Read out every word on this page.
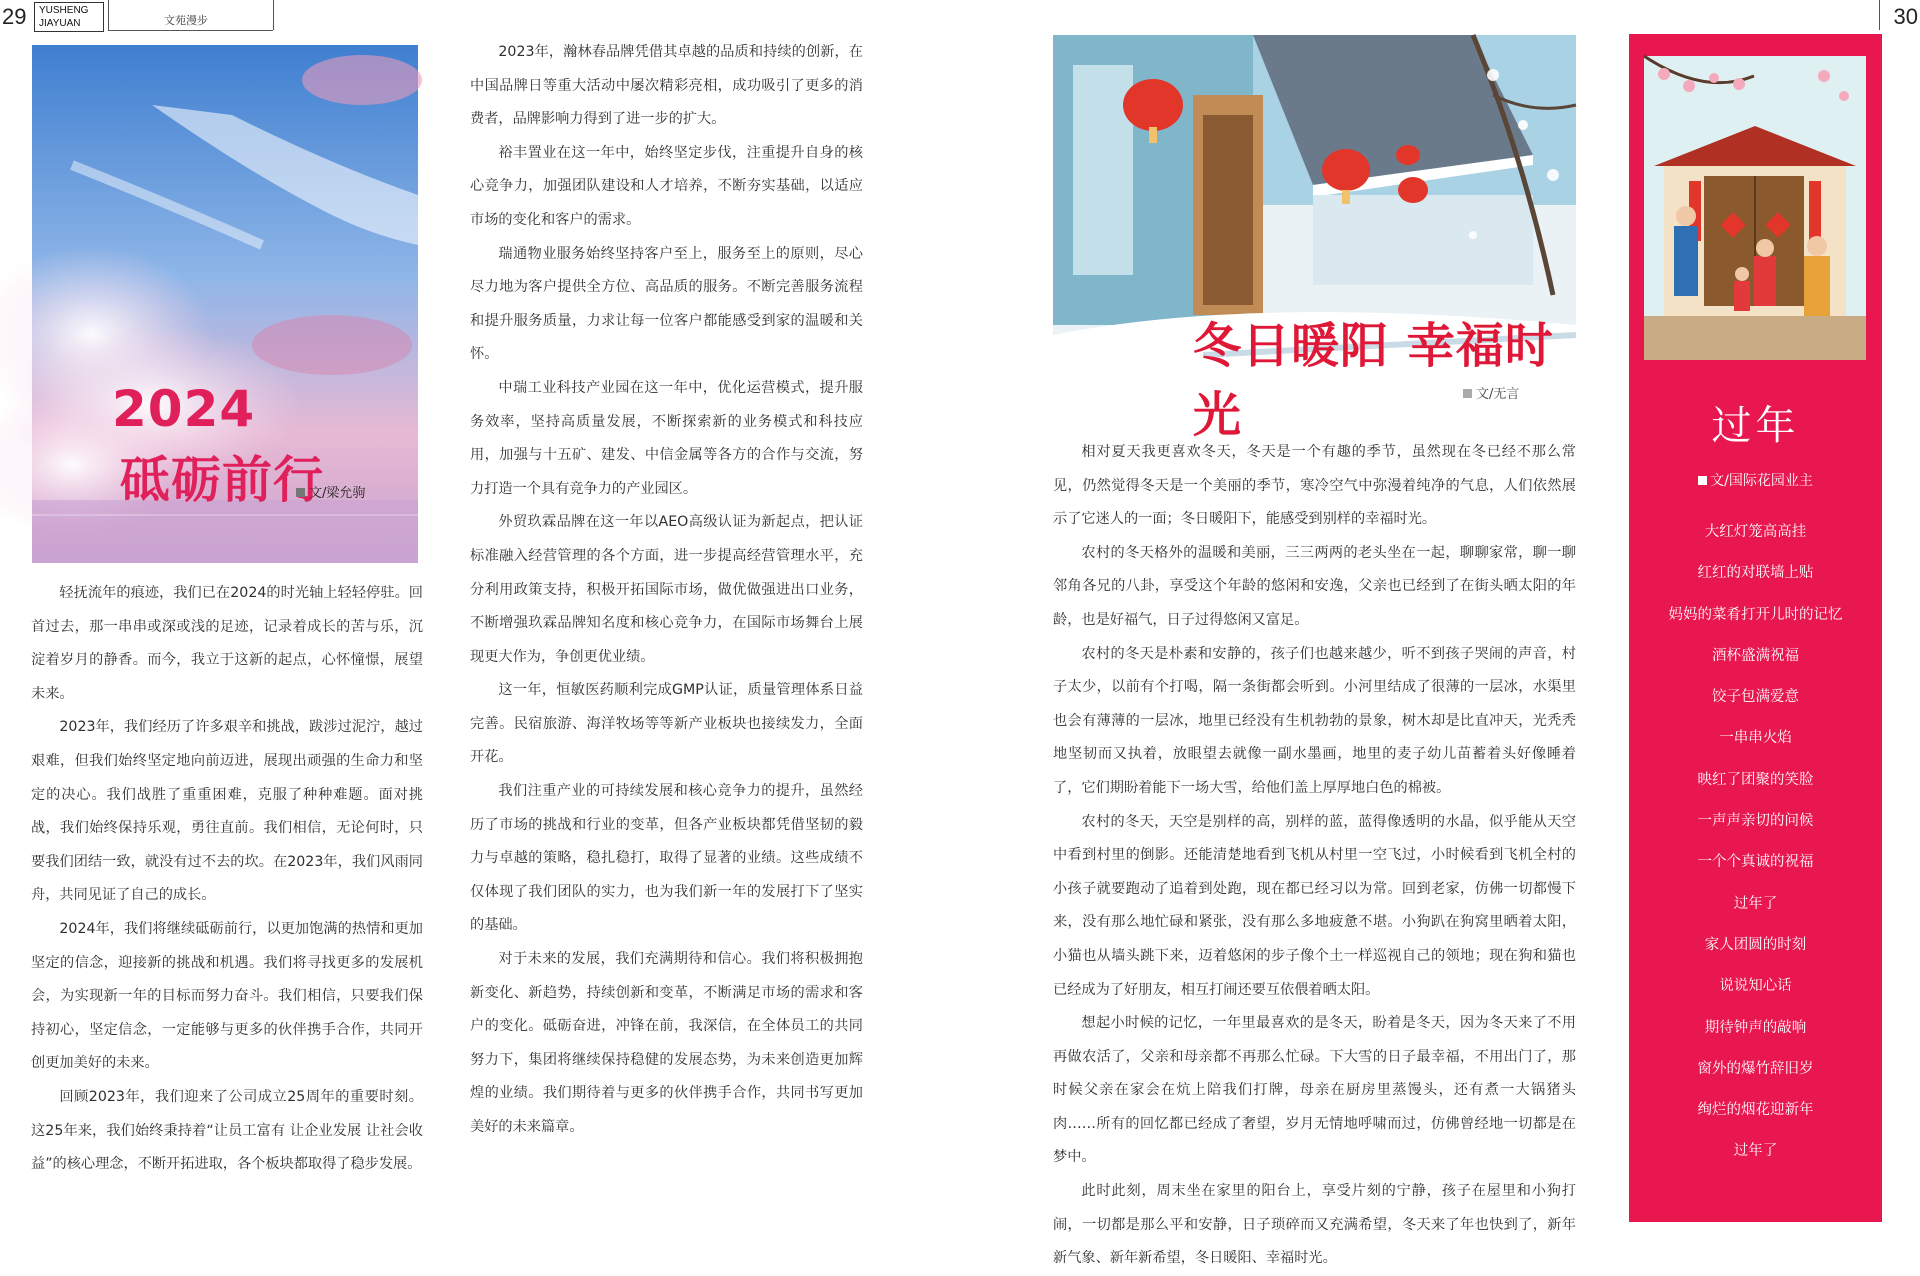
29 YUSHENG
JIAYUAN	文苑漫步	30
2024
砥砺前行
文/梁允驹

轻抚流年的痕迹，我们已在2024的时光轴上轻轻停驻。回首过去，那一串串或深或浅的足迹，记录着成长的苦与乐，沉淀着岁月的静香。而今，我立于这新的起点，心怀憧憬，展望未来。

2023年，我们经历了许多艰辛和挑战，跋涉过泥泞，越过艰难，但我们始终坚定地向前迈进，展现出顽强的生命力和坚定的决心。我们战胜了重重困难，克服了种种难题。面对挑战，我们始终保持乐观，勇往直前。我们相信，无论何时，只要我们团结一致，就没有过不去的坎。在2023年，我们风雨同舟，共同见证了自己的成长。

2024年，我们将继续砥砺前行，以更加饱满的热情和更加坚定的信念，迎接新的挑战和机遇。我们将寻找更多的发展机会，为实现新一年的目标而努力奋斗。我们相信，只要我们保持初心，坚定信念，一定能够与更多的伙伴携手合作，共同开创更加美好的未来。

回顾2023年，我们迎来了公司成立25周年的重要时刻。这25年来，我们始终秉持着“让员工富有 让企业发展 让社会收益”的核心理念，不断开拓进取，各个板块都取得了稳步发展。

2023年，瀚林春品牌凭借其卓越的品质和持续的创新，在中国品牌日等重大活动中屡次精彩亮相，成功吸引了更多的消费者，品牌影响力得到了进一步的扩大。

裕丰置业在这一年中，始终坚定步伐，注重提升自身的核心竞争力，加强团队建设和人才培养，不断夯实基础，以适应市场的变化和客户的需求。

瑞通物业服务始终坚持客户至上，服务至上的原则，尽心尽力地为客户提供全方位、高品质的服务。不断完善服务流程和提升服务质量，力求让每一位客户都能感受到家的温暖和关怀。

中瑞工业科技产业园在这一年中，优化运营模式，提升服务效率，坚持高质量发展，不断探索新的业务模式和科技应用，加强与十五矿、建发、中信金属等各方的合作与交流，努力打造一个具有竞争力的产业园区。

外贸玖霖品牌在这一年以AEO高级认证为新起点，把认证标准融入经营管理的各个方面，进一步提高经营管理水平，充分利用政策支持，积极开拓国际市场，做优做强进出口业务，不断增强玖霖品牌知名度和核心竞争力，在国际市场舞台上展现更大作为，争创更优业绩。

这一年，恒敏医药顺利完成GMP认证，质量管理体系日益完善。民宿旅游、海洋牧场等等新产业板块也接续发力，全面开花。

我们注重产业的可持续发展和核心竞争力的提升，虽然经历了市场的挑战和行业的变革，但各产业板块都凭借坚韧的毅力与卓越的策略，稳扎稳打，取得了显著的业绩。这些成绩不仅体现了我们团队的实力，也为我们新一年的发展打下了坚实的基础。

对于未来的发展，我们充满期待和信心。我们将积极拥抱新变化、新趋势，持续创新和变革，不断满足市场的需求和客户的变化。砥砺奋进，冲锋在前，我深信，在全体员工的共同努力下，集团将继续保持稳健的发展态势，为未来创造更加辉煌的业绩。我们期待着与更多的伙伴携手合作，共同书写更加美好的未来篇章。

冬日暖阳 幸福时光	文/无言

相对夏天我更喜欢冬天，冬天是一个有趣的季节，虽然现在冬已经不那么常见，仍然觉得冬天是一个美丽的季节，寒冷空气中弥漫着纯净的气息，人们依然展示了它迷人的一面；冬日暖阳下，能感受到别样的幸福时光。

农村的冬天格外的温暖和美丽，三三两两的老头坐在一起，聊聊家常，聊一聊邻角各兄的八卦，享受这个年龄的悠闲和安逸，父亲也已经到了在街头晒太阳的年龄，也是好福气，日子过得悠闲又富足。

农村的冬天是朴素和安静的，孩子们也越来越少，听不到孩子哭闹的声音，村子太少，以前有个打喝，隔一条街都会听到。小河里结成了很薄的一层冰，水渠里也会有薄薄的一层冰，地里已经没有生机勃勃的景象，树木却是比直冲天，光秃秃地坚韧而又执着，放眼望去就像一副水墨画，地里的麦子幼儿苗蓄着头好像睡着了，它们期盼着能下一场大雪，给他们盖上厚厚地白色的棉被。

农村的冬天，天空是别样的高，别样的蓝，蓝得像透明的水晶，似乎能从天空中看到村里的倒影。还能清楚地看到飞机从村里一空飞过，小时候看到飞机全村的小孩子就要跑动了追着到处跑，现在都已经习以为常。回到老家，仿佛一切都慢下来，没有那么地忙碌和紧张，没有那么多地疲惫不堪。小狗趴在狗窝里晒着太阳，小猫也从墙头跳下来，迈着悠闲的步子像个土一样巡视自己的领地；现在狗和猫也已经成为了好朋友，相互打闹还要互依偎着晒太阳。

想起小时候的记忆，一年里最喜欢的是冬天，盼着是冬天，因为冬天来了不用再做农活了，父亲和母亲都不再那么忙碌。下大雪的日子最幸福，不用出门了，那时候父亲在家会在炕上陪我们打牌，母亲在厨房里蒸馒头，还有煮一大锅猪头肉……所有的回忆都已经成了奢望，岁月无情地呼啸而过，仿佛曾经地一切都是在梦中。

此时此刻，周末坐在家里的阳台上，享受片刻的宁静，孩子在屋里和小狗打闹，一切都是那么平和安静，日子琐碎而又充满希望，冬天来了年也快到了，新年新气象、新年新希望，冬日暖阳、幸福时光。

过年
文/国际花园业主
大红灯笼高高挂
红红的对联墙上贴
妈妈的菜肴打开儿时的记忆
酒杯盛满祝福
饺子包满爱意
一串串火焰
映红了团聚的笑脸
一声声亲切的问候
一个个真诚的祝福
过年了
家人团圆的时刻
说说知心话
期待钟声的敲响
窗外的爆竹辞旧岁
绚烂的烟花迎新年
过年了
